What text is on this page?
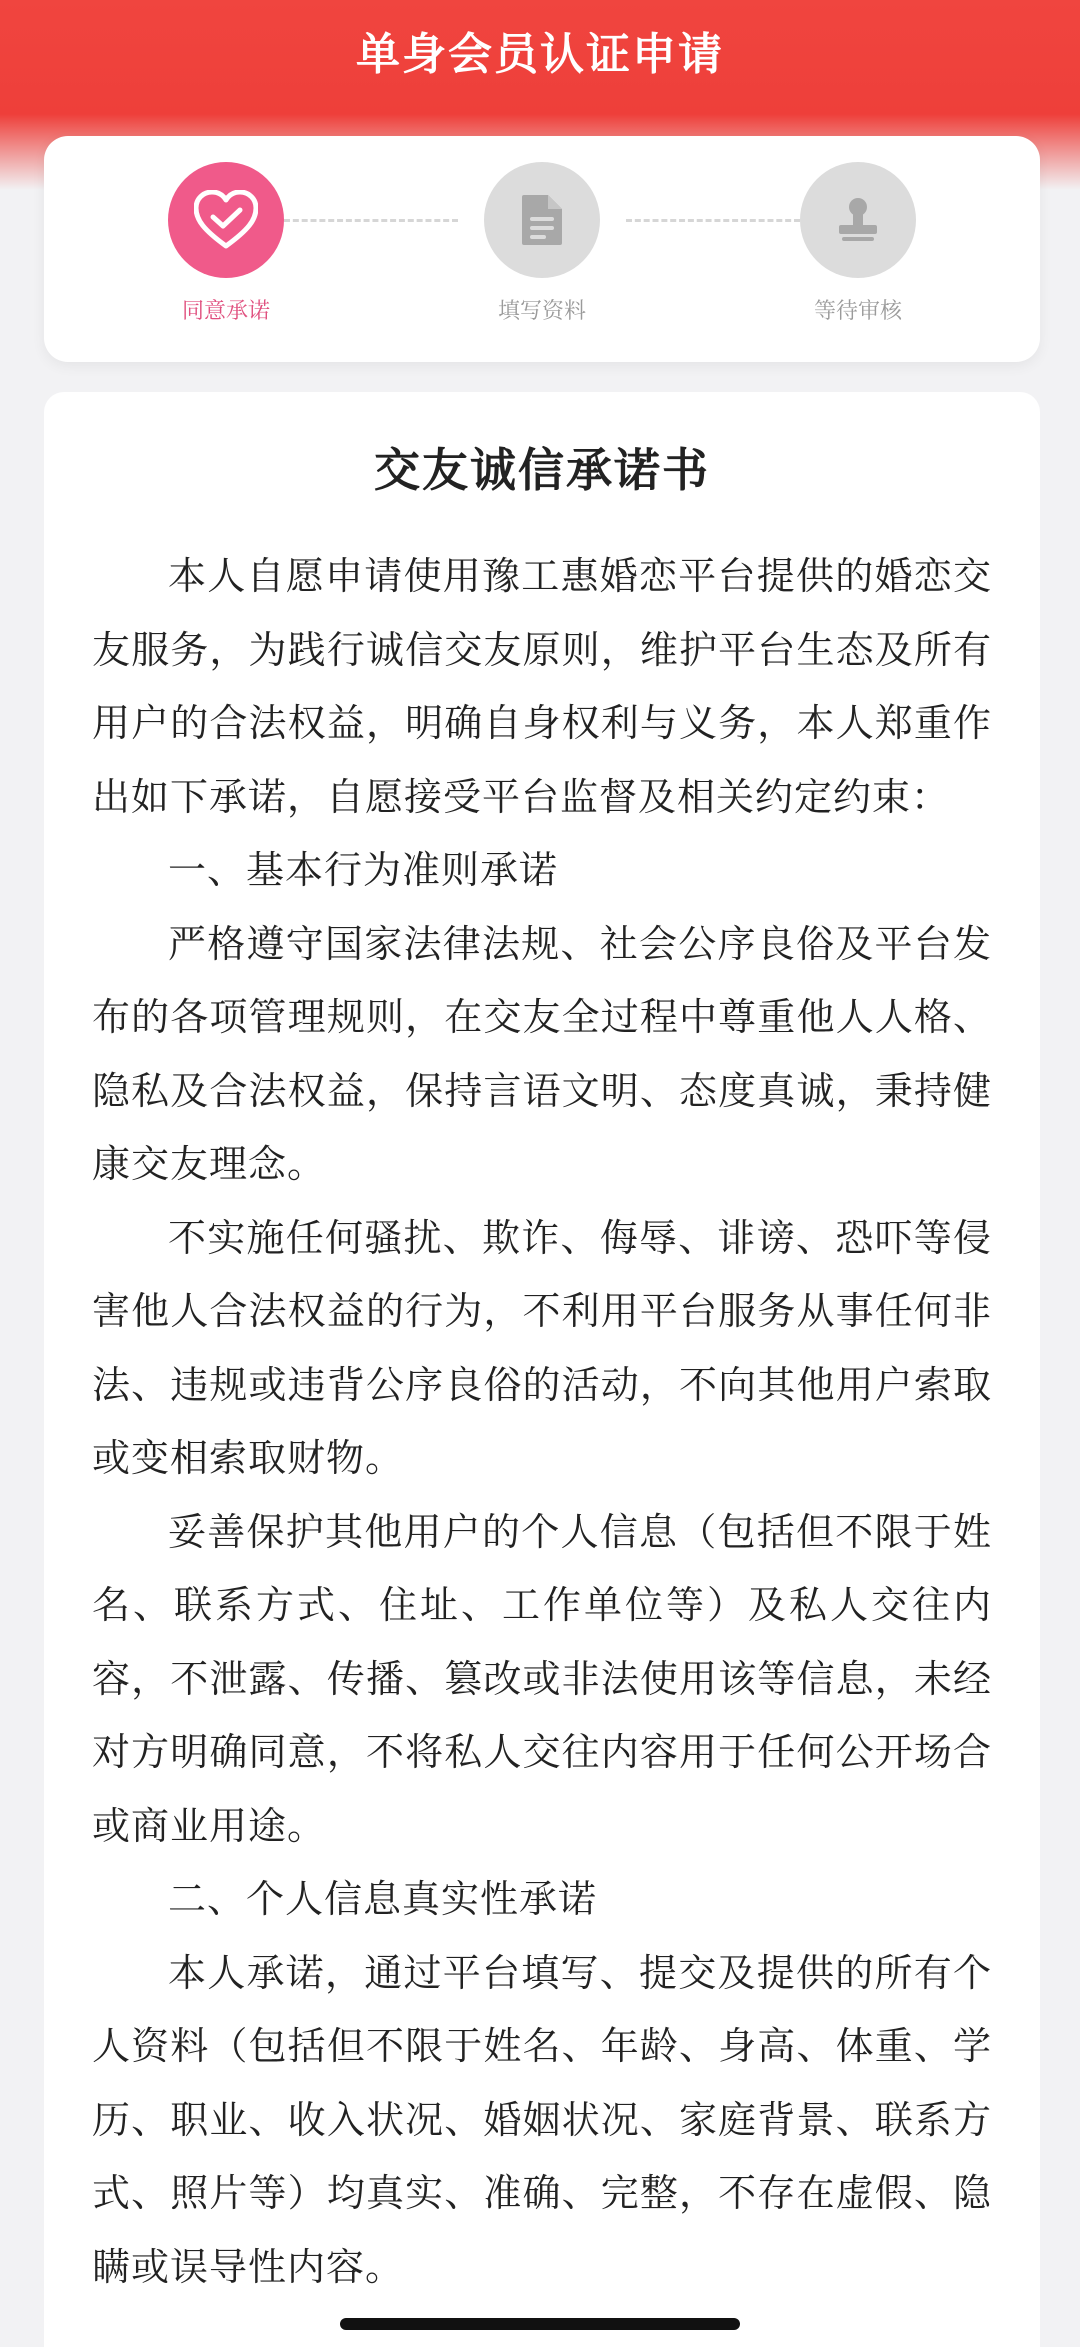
单身会员认证申请
同意承诺	填写资料	等待审核
交友诚信承诺书

本人自愿申请使用豫工惠婚恋平台提供的婚恋交友服务，为践行诚信交友原则，维护平台生态及所有用户的合法权益，明确自身权利与义务，本人郑重作出如下承诺，自愿接受平台监督及相关约定约束：

一、基本行为准则承诺

严格遵守国家法律法规、社会公序良俗及平台发布的各项管理规则，在交友全过程中尊重他人人格、隐私及合法权益，保持言语文明、态度真诚，秉持健康交友理念。

不实施任何骚扰、欺诈、侮辱、诽谤、恐吓等侵害他人合法权益的行为，不利用平台服务从事任何非法、违规或违背公序良俗的活动，不向其他用户索取或变相索取财物。

妥善保护其他用户的个人信息（包括但不限于姓名、联系方式、住址、工作单位等）及私人交往内容，不泄露、传播、篡改或非法使用该等信息，未经对方明确同意，不将私人交往内容用于任何公开场合或商业用途。

二、个人信息真实性承诺

本人承诺，通过平台填写、提交及提供的所有个人资料（包括但不限于姓名、年龄、身高、体重、学历、职业、收入状况、婚姻状况、家庭背景、联系方式、照片等）均真实、准确、完整，不存在虚假、隐瞒或误导性内容。
